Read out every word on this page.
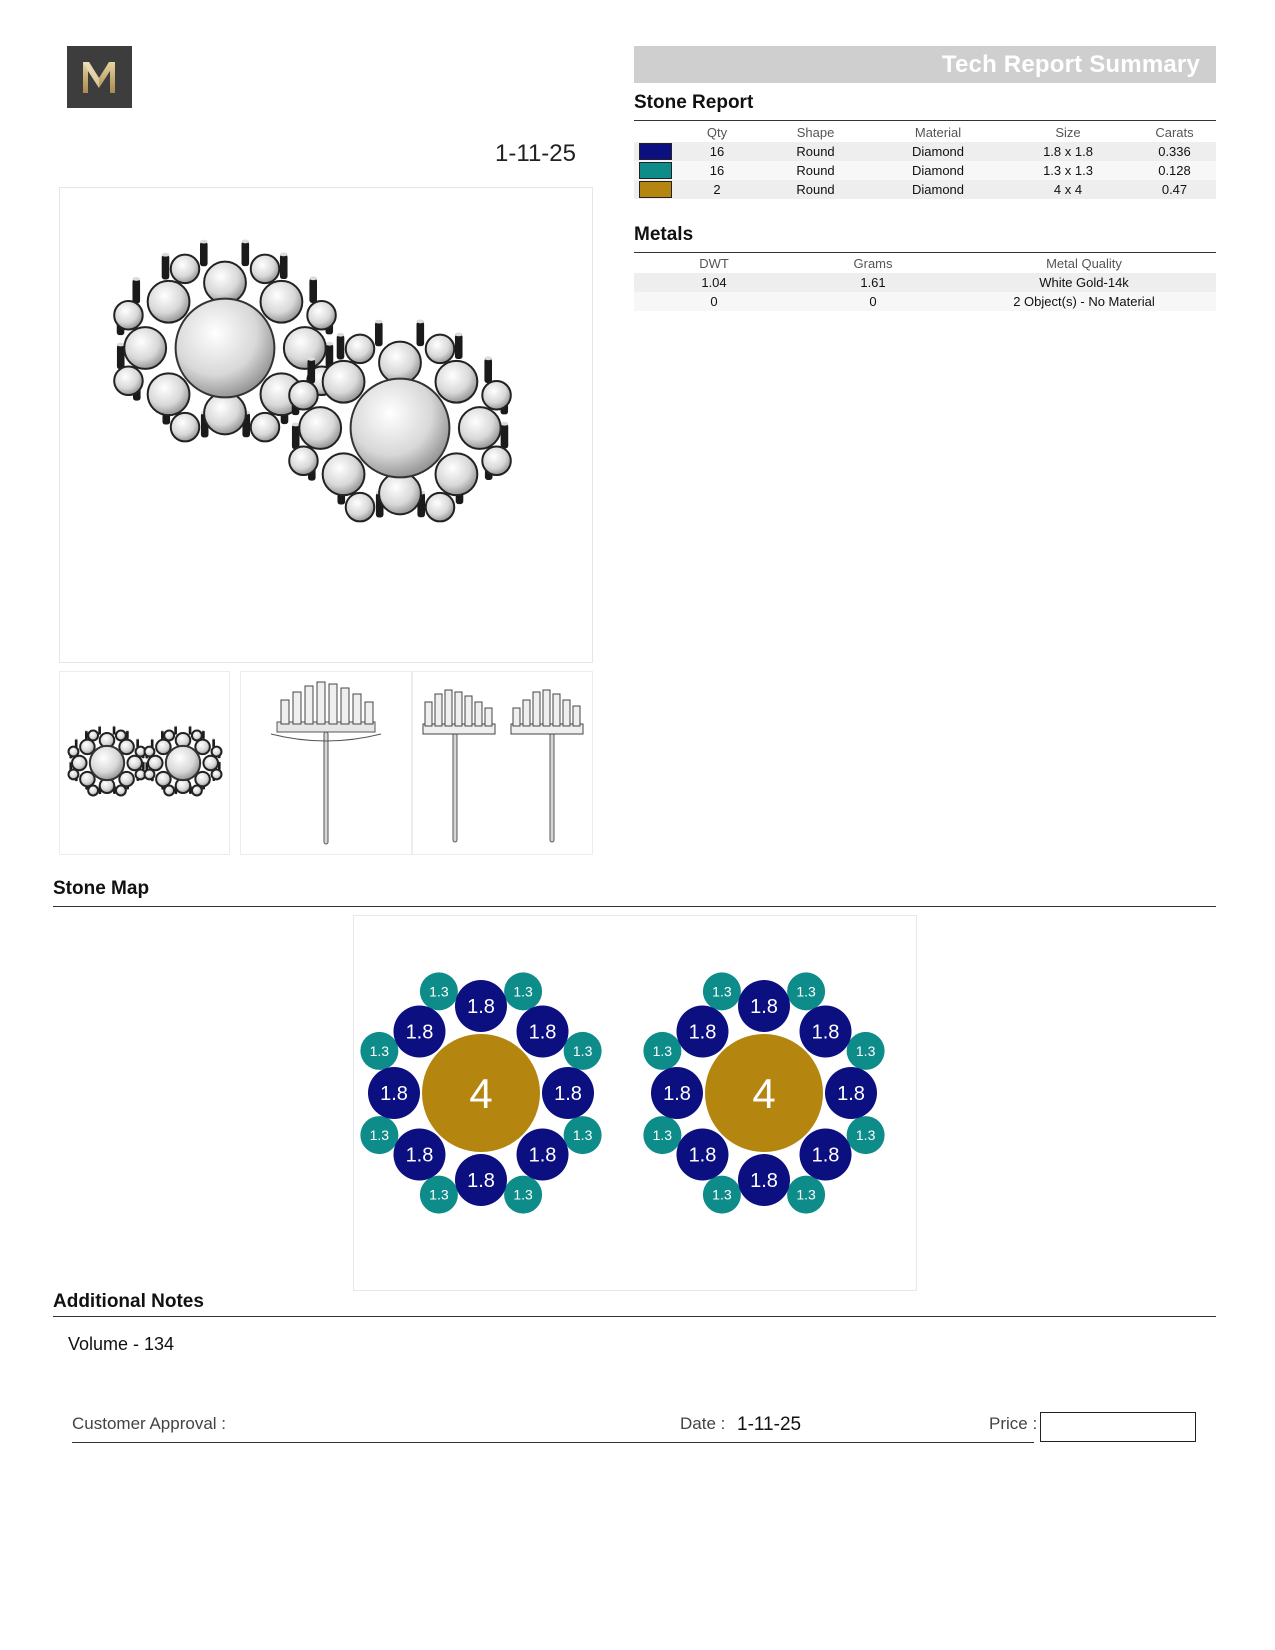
1-11-25
Tech Report Summary
Stone Report
	Qty	Shape	Material	Size	Carats
	16	Round	Diamond	1.8 x 1.8	0.336
	16	Round	Diamond	1.3 x 1.3	0.128
	2	Round	Diamond	4 x 4	0.47
Metals
DWT	Grams	Metal Quality
1.04	1.61	White Gold-14k
0	0	2 Object(s) - No Material
Stone Map
1.3
1.3
1.3
1.3
1.3
1.3
1.3
1.3
1.8
1.8
1.8
1.8
1.8
1.8
1.8
1.8
4
1.3
1.3
1.3
1.3
1.3
1.3
1.3
1.3
1.8
1.8
1.8
1.8
1.8
1.8
1.8
1.8
4
Additional Notes
Volume - 134
Customer Approval :	Date : 1-11-25	Price :
